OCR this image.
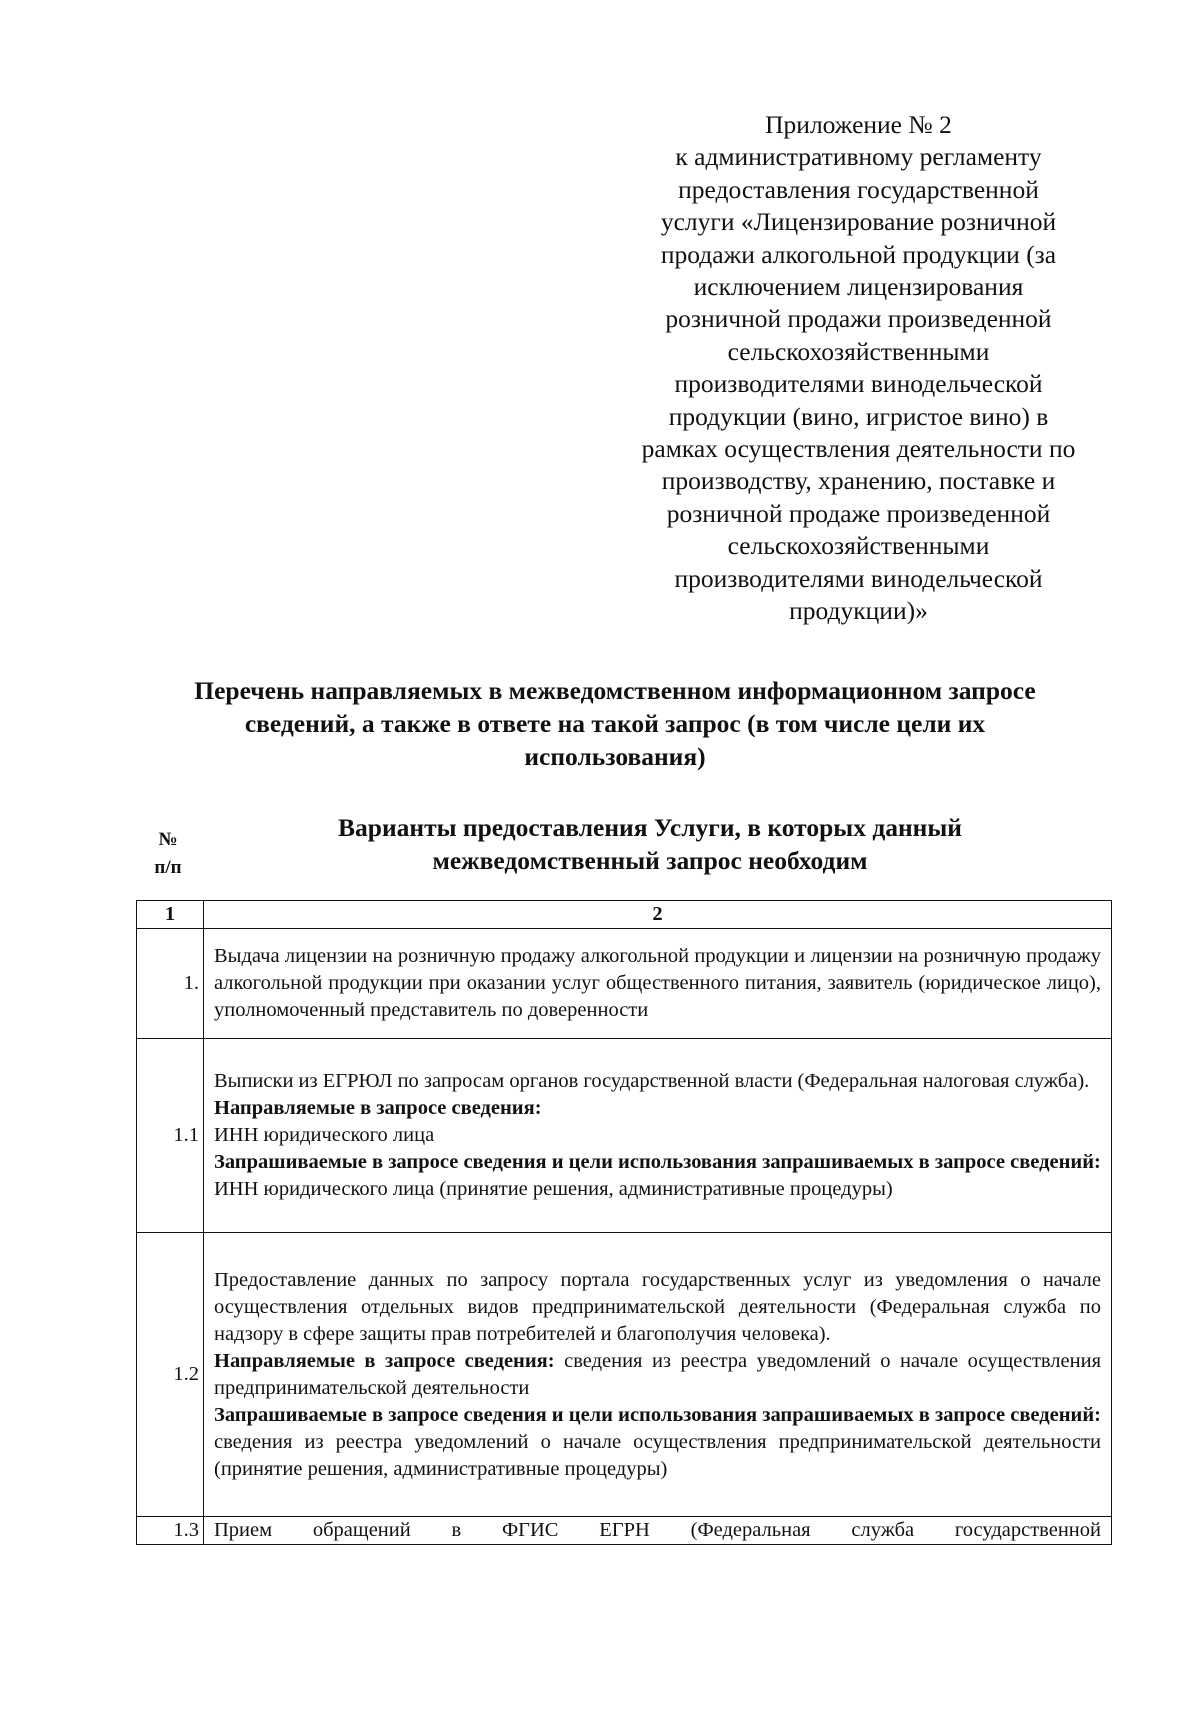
Приложение № 2
к административному регламенту
предоставления государственной
услуги «Лицензирование розничной
продажи алкогольной продукции (за
исключением лицензирования
розничной продажи произведенной
сельскохозяйственными
производителями винодельческой
продукции (вино, игристое вино) в
рамках осуществления деятельности по
производству, хранению, поставке и
розничной продаже произведенной
сельскохозяйственными
производителями винодельческой
продукции)»
Перечень направляемых в межведомственном информационном запросе
сведений, а также в ответе на такой запрос (в том числе цели их
использования)
№
п/п
Варианты предоставления Услуги, в которых данный
межведомственный запрос необходим
1	2
1.	Выдача лицензии на розничную продажу алкогольной продукции и лицензии на розничную продажу алкогольной продукции при оказании услуг общественного питания, заявитель (юридическое лицо), уполномоченный представитель по доверенности
1.1	Выписки из ЕГРЮЛ по запросам органов государственной власти (Федеральная налоговая служба).

Направляемые в запросе сведения:

ИНН юридического лица

Запрашиваемые в запросе сведения и цели использования запрашиваемых в запросе сведений:

ИНН юридического лица (принятие решения, административные процедуры)

1.2	Предоставление данных по запросу портала государственных услуг из уведомления о начале осуществления отдельных видов предпринимательской деятельности (Федеральная служба по надзору в сфере защиты прав потребителей и благополучия человека).

Направляемые в запросе сведения: сведения из реестра уведомлений о начале осуществления предпринимательской деятельности

Запрашиваемые в запросе сведения и цели использования запрашиваемых в запросе сведений: сведения из реестра уведомлений о начале осуществления предпринимательской деятельности (принятие решения, административные процедуры)

1.3	Прием обращений в ФГИС ЕГРН (Федеральная служба государственной
